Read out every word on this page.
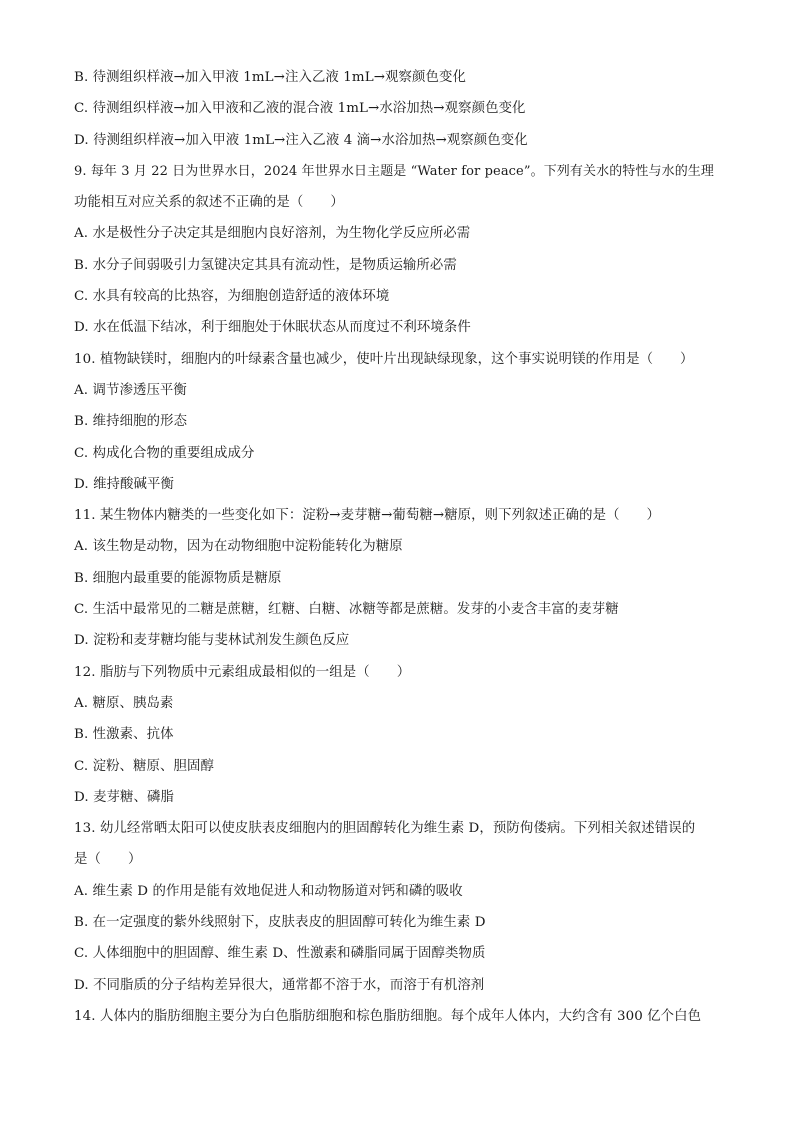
B. 待测组织样液→加入甲液 1mL→注入乙液 1mL→观察颜色变化
C. 待测组织样液→加入甲液和乙液的混合液 1mL→水浴加热→观察颜色变化
D. 待测组织样液→加入甲液 1mL→注入乙液 4 滴→水浴加热→观察颜色变化
9. 每年 3 月 22 日为世界水日，2024 年世界水日主题是 “Water for peace”。下列有关水的特性与水的生理
功能相互对应关系的叙述不正确的是（　　）
A. 水是极性分子决定其是细胞内良好溶剂，为生物化学反应所必需
B. 水分子间弱吸引力氢键决定其具有流动性，是物质运输所必需
C. 水具有较高的比热容，为细胞创造舒适的液体环境
D. 水在低温下结冰，利于细胞处于休眠状态从而度过不利环境条件
10. 植物缺镁时，细胞内的叶绿素含量也减少，使叶片出现缺绿现象，这个事实说明镁的作用是（　　）
A. 调节渗透压平衡
B. 维持细胞的形态
C. 构成化合物的重要组成成分
D. 维持酸碱平衡
11. 某生物体内糖类的一些变化如下：淀粉→麦芽糖→葡萄糖→糖原，则下列叙述正确的是（　　）
A. 该生物是动物，因为在动物细胞中淀粉能转化为糖原
B. 细胞内最重要的能源物质是糖原
C. 生活中最常见的二糖是蔗糖，红糖、白糖、冰糖等都是蔗糖。发芽的小麦含丰富的麦芽糖
D. 淀粉和麦芽糖均能与斐林试剂发生颜色反应
12. 脂肪与下列物质中元素组成最相似的一组是（　　）
A. 糖原、胰岛素
B. 性激素、抗体
C. 淀粉、糖原、胆固醇
D. 麦芽糖、磷脂
13. 幼儿经常晒太阳可以使皮肤表皮细胞内的胆固醇转化为维生素 D，预防佝偻病。下列相关叙述错误的
是（　　）
A. 维生素 D 的作用是能有效地促进人和动物肠道对钙和磷的吸收
B. 在一定强度的紫外线照射下，皮肤表皮的胆固醇可转化为维生素 D
C. 人体细胞中的胆固醇、维生素 D、性激素和磷脂同属于固醇类物质
D. 不同脂质的分子结构差异很大，通常都不溶于水，而溶于有机溶剂
14. 人体内的脂肪细胞主要分为白色脂肪细胞和棕色脂肪细胞。每个成年人体内，大约含有 300 亿个白色
